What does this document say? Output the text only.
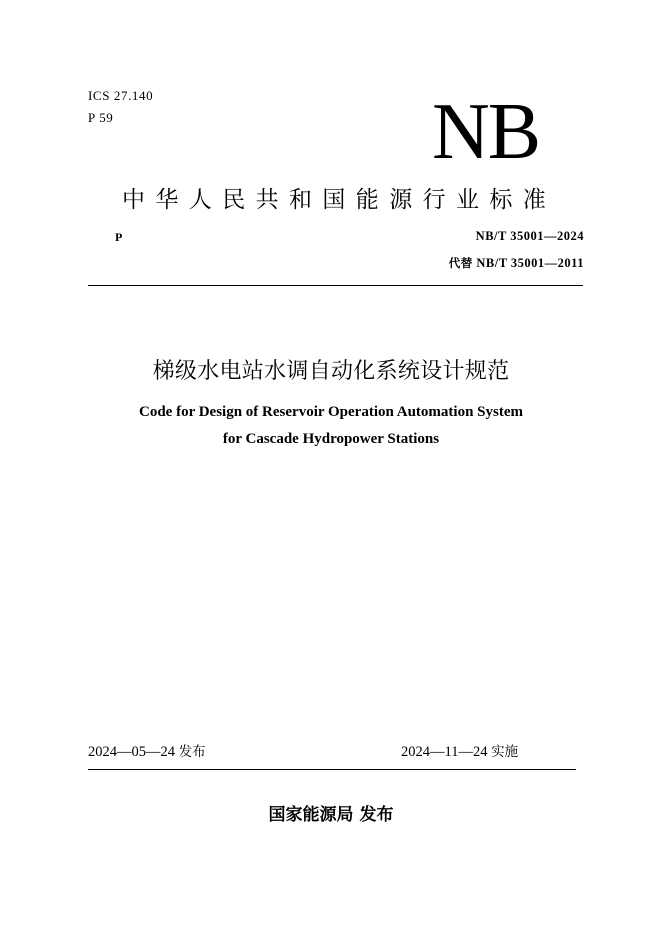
ICS 27.140
P 59	NB
中华人民共和国能源行业标准
P	NB/T 35001—2024
代替 NB/T 35001—2011
梯级水电站水调自动化系统设计规范
Code for Design of Reservoir Operation Automation System
for Cascade Hydropower Stations
2024—05—24 发布	2024—11—24 实施
国家能源局 发布
